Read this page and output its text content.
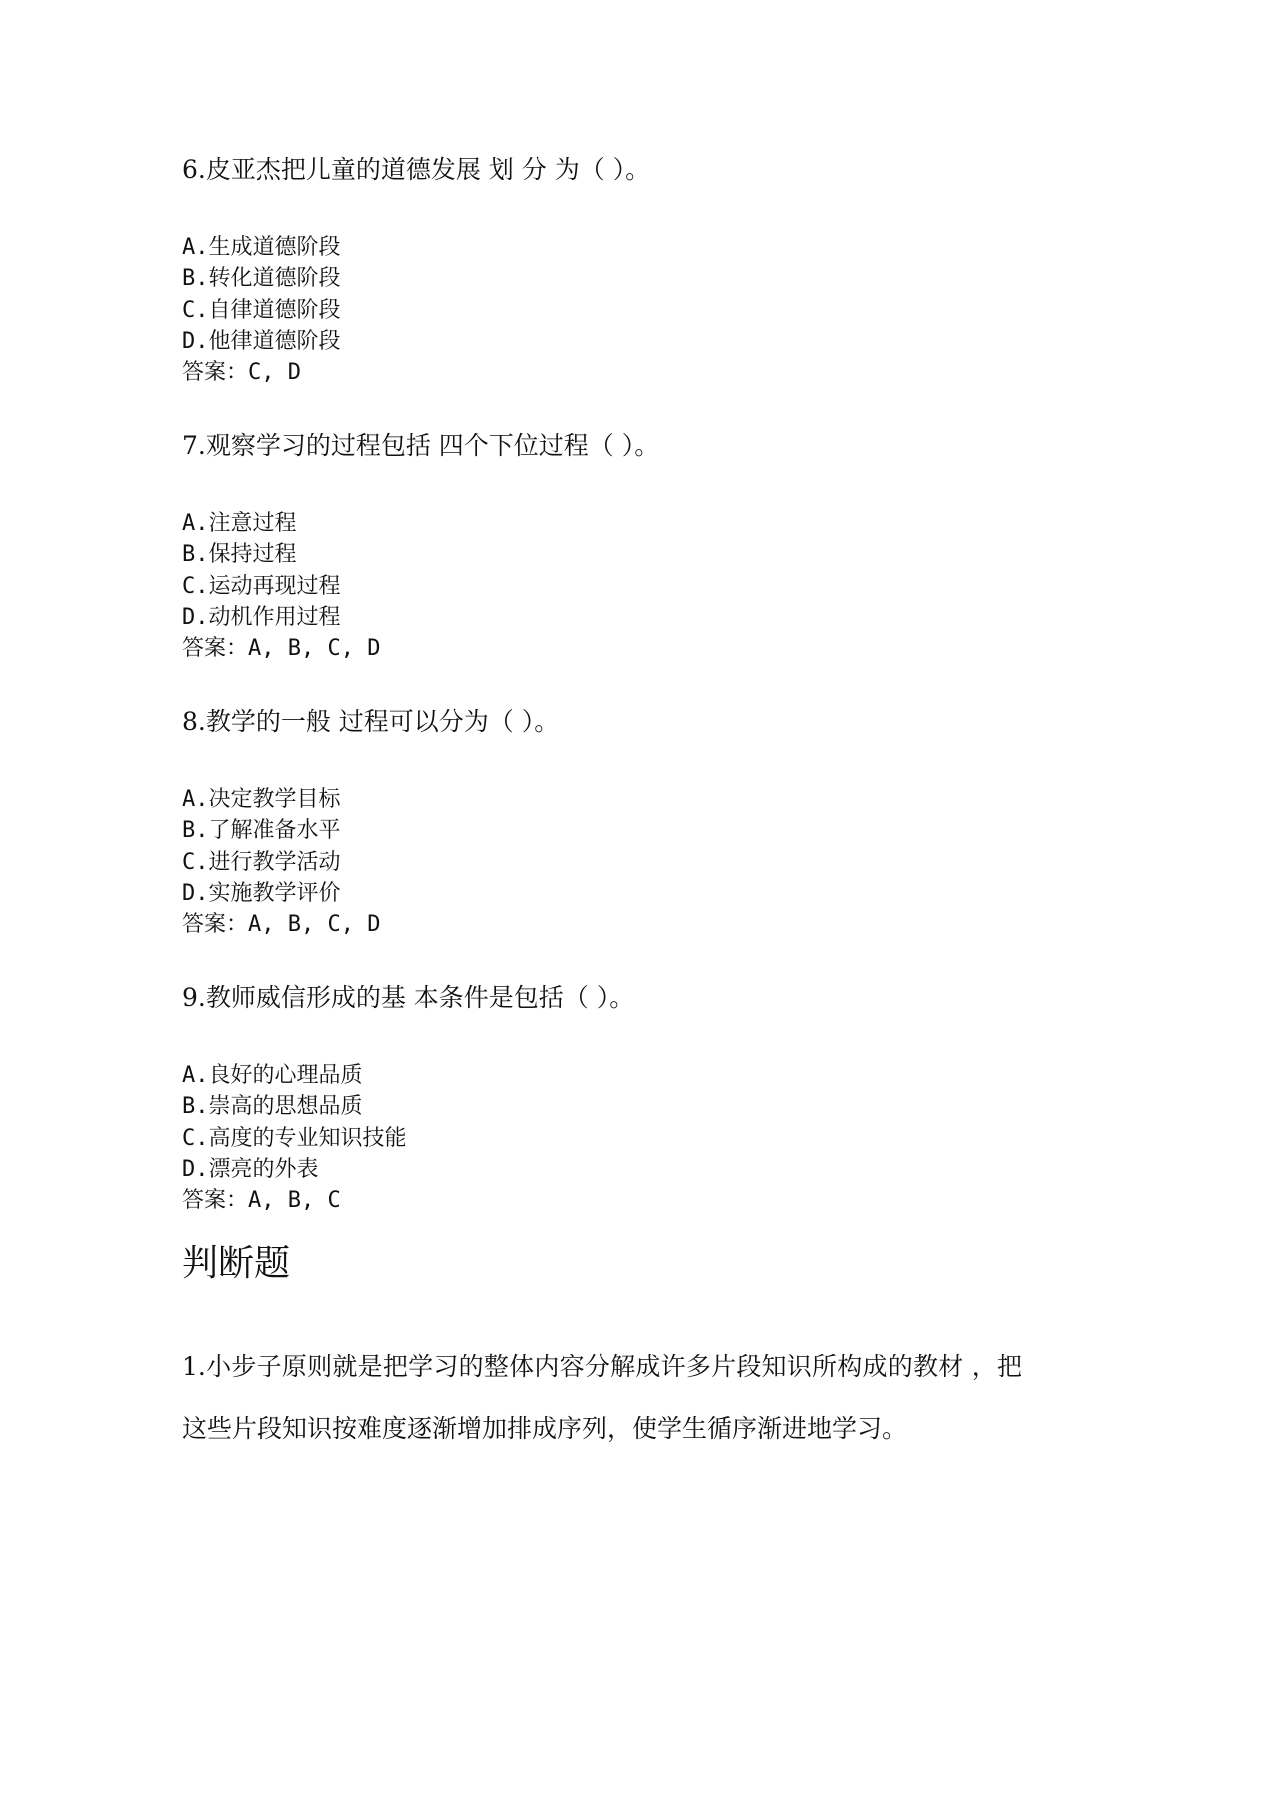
6.皮亚杰把儿童的道德发展 划 分 为（ ）。

A.生成道德阶段
B.转化道德阶段
C.自律道德阶段
D.他律道德阶段

答案：C, D

7.观察学习的过程包括 四个下位过程（ ）。

A.注意过程
B.保持过程
C.运动再现过程
D.动机作用过程

答案：A, B, C, D

8.教学的一般 过程可以分为（ ）。

A.决定教学目标
B.了解准备水平
C.进行教学活动
D.实施教学评价

答案：A, B, C, D

9.教师威信形成的基 本条件是包括（ ）。

A.良好的心理品质
B.崇高的思想品质
C.高度的专业知识技能
D.漂亮的外表

答案：A, B, C

判断题

1.小步子原则就是把学习的整体内容分解成许多片段知识所构成的教材 ，把这些片段知识按难度逐渐增加排成序列，使学生循序渐进地学习。
